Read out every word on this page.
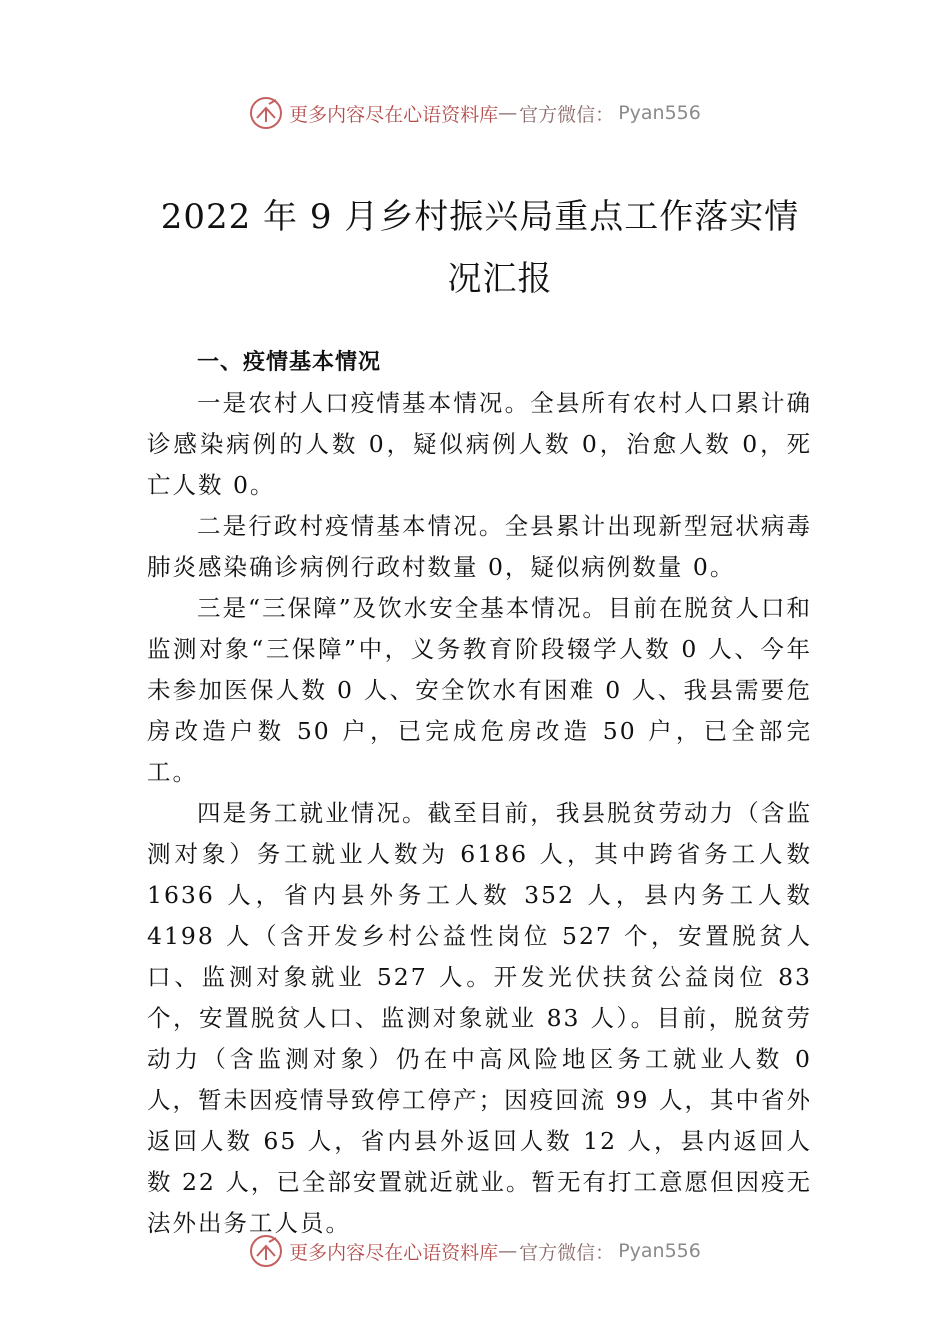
更多内容尽在心语资料库 — 官方微信： Pyan556
2022 年 9 月乡村振兴局重点工作落实情
况汇报

一、疫情基本情况

一是农村人口疫情基本情况。全县所有农村人口累计确诊感染病例的人数 0，疑似病例人数 0，治愈人数 0，死亡人数 0。

二是行政村疫情基本情况。全县累计出现新型冠状病毒肺炎感染确诊病例行政村数量 0，疑似病例数量 0。

三是“三保障”及饮水安全基本情况。目前在脱贫人口和监测对象“三保障”中，义务教育阶段辍学人数 0 人、今年未参加医保人数 0 人、安全饮水有困难 0 人、我县需要危房改造户数 50 户，已完成危房改造 50 户，已全部完工。

四是务工就业情况。截至目前，我县脱贫劳动力（含监测对象）务工就业人数为 6186 人，其中跨省务工人数 1636 人，省内县外务工人数 352 人，县内务工人数 4198 人（含开发乡村公益性岗位 527 个，安置脱贫人口、监测对象就业 527 人。开发光伏扶贫公益岗位 83 个，安置脱贫人口、监测对象就业 83 人）。目前，脱贫劳动力（含监测对象）仍在中高风险地区务工就业人数 0 人，暂未因疫情导致停工停产；因疫回流 99 人，其中省外返回人数 65 人，省内县外返回人数 12 人，县内返回人数 22 人，已全部安置就近就业。暂无有打工意愿但因疫无法外出务工人员。

更多内容尽在心语资料库 — 官方微信： Pyan556
